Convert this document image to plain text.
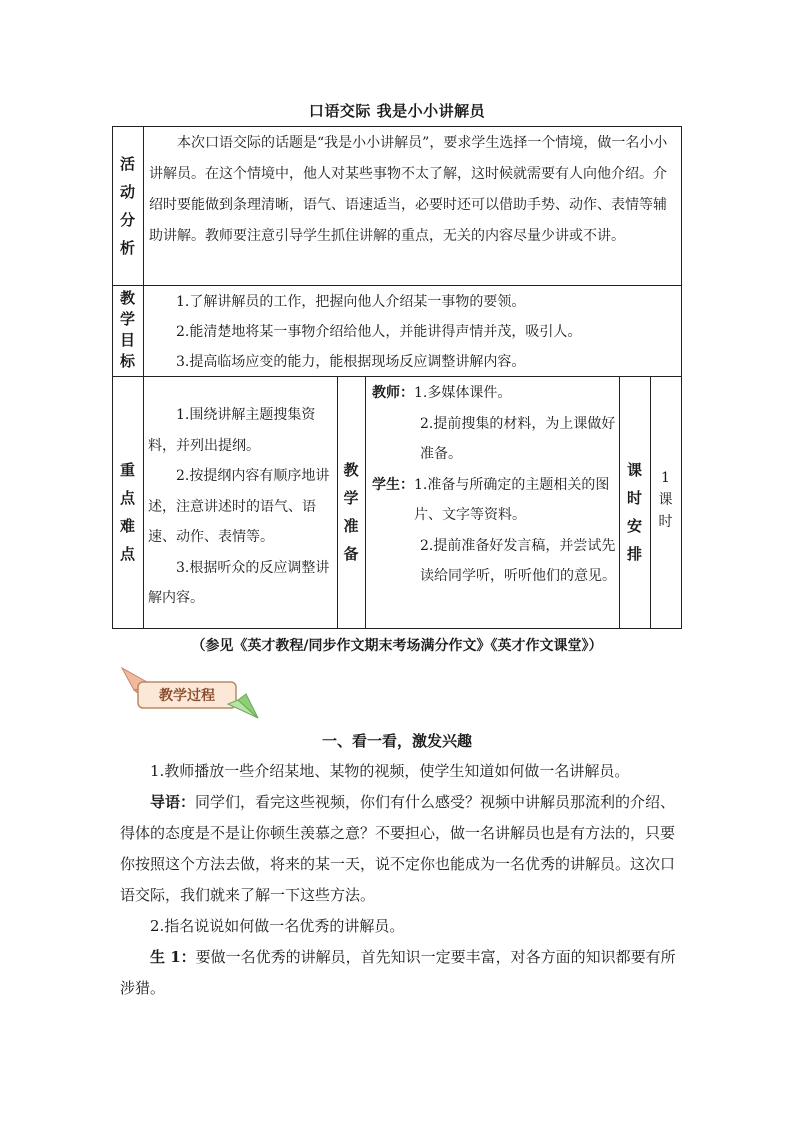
口语交际 我是小小讲解员
活
动
分
析
本次口语交际的话题是“我是小小讲解员”，要求学生选择一个情境，做一名小小讲解员。在这个情境中，他人对某些事物不太了解，这时候就需要有人向他介绍。介绍时要能做到条理清晰，语气、语速适当，必要时还可以借助手势、动作、表情等辅助讲解。教师要注意引导学生抓住讲解的重点，无关的内容尽量少讲或不讲。
教
学
目
标

1.了解讲解员的工作，把握向他人介绍某一事物的要领。

2.能清楚地将某一事物介绍给他人，并能讲得声情并茂，吸引人。

3.提高临场应变的能力，能根据现场反应调整讲解内容。

重
点
难
点

1.围绕讲解主题搜集资料，并列出提纲。

2.按提纲内容有顺序地讲述，注意讲述时的语气、语速、动作、表情等。

3.根据听众的反应调整讲解内容。

教
学
准
备
教师：1.多媒体课件。
2.提前搜集的材料，为上课做好准备。
学生： 1.准备与所确定的主题相关的图片、文字等资料。
2.提前准备好发言稿，并尝试先读给同学听，听听他们的意见。
课
时
安
排
1
课
时
（参见《英才教程/同步作文期末考场满分作文》《英才作文课堂》）
教学过程
一、看一看，激发兴趣

1.教师播放一些介绍某地、某物的视频，使学生知道如何做一名讲解员。

导语：同学们，看完这些视频，你们有什么感受？视频中讲解员那流利的介绍、得体的态度是不是让你顿生羡慕之意？不要担心，做一名讲解员也是有方法的，只要你按照这个方法去做，将来的某一天，说不定你也能成为一名优秀的讲解员。这次口语交际，我们就来了解一下这些方法。

2.指名说说如何做一名优秀的讲解员。

生 1：要做一名优秀的讲解员，首先知识一定要丰富，对各方面的知识都要有所涉猎。
